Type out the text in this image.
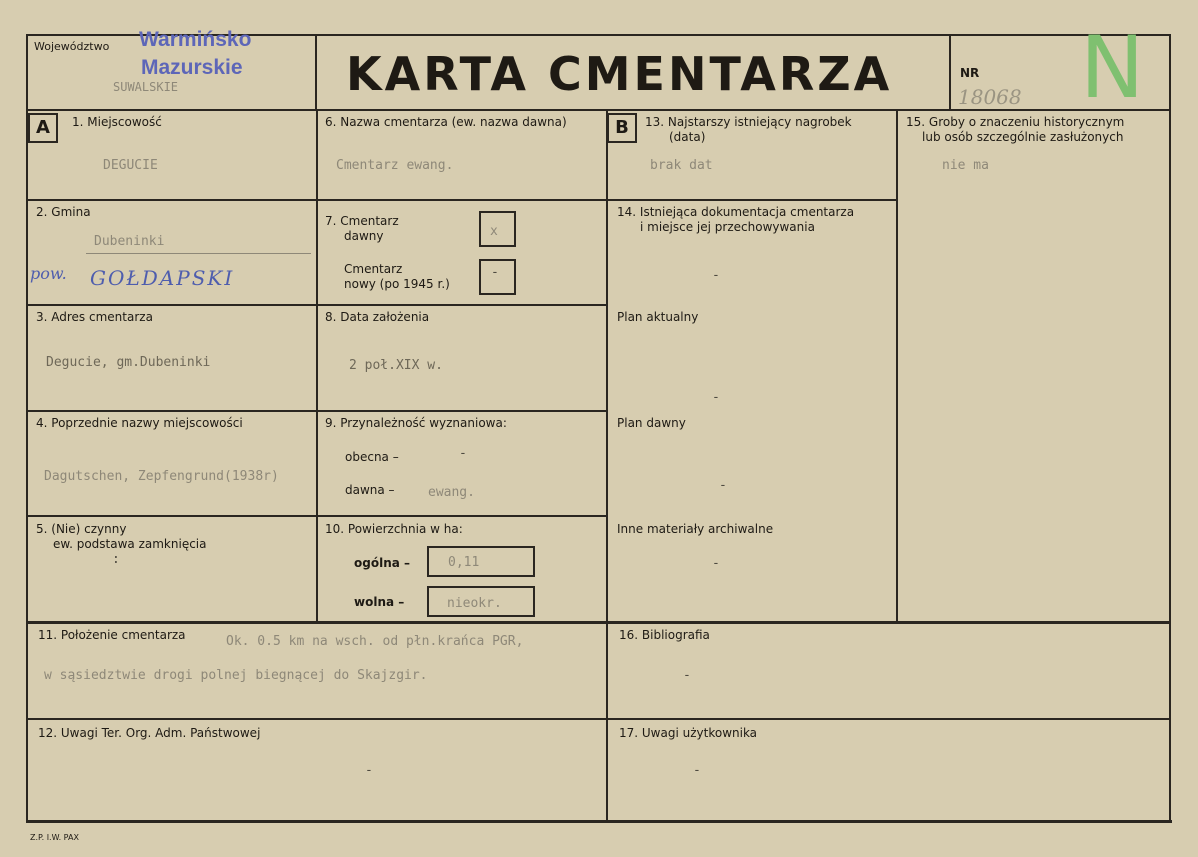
Województwo Warmińsko
Mazurskie
SUWALSKIE	KARTA CMENTARZA	NR
18068 N
A	B
1. Miejscowość
DEGUCIE
2. Gmina
Dubeninki
pow. GOŁDAPSKI
3. Adres cmentarza
Degucie, gm.Dubeninki
4. Poprzednie nazwy miejscowości
Dagutschen, Zepfengrund(1938r)
5. (Nie) czynny
ew. podstawa zamknięcia
:
6. Nazwa cmentarza (ew. nazwa dawna)
Cmentarz ewang.
7. Cmentarz
dawny	x
Cmentarz
nowy (po 1945 r.)
-
8. Data założenia
2 poł.XIX w.
9. Przynależność wyznaniowa:
obecna –	-
dawna –	ewang.
10. Powierzchnia w ha:
ogólna –	0,11
wolna –	nieokr.
11. Położenie cmentarza	Ok. 0.5 km na wsch. od płn.krańca PGR,
w sąsiedztwie drogi polnej biegnącej do Skajzgir.
12. Uwagi Ter. Org. Adm. Państwowej
-
13. Najstarszy istniejący nagrobek
(data)
brak dat
14. Istniejąca dokumentacja cmentarza
i miejsce jej przechowywania
-
Plan aktualny
-
Plan dawny
-
Inne materiały archiwalne
-
15. Groby o znaczeniu historycznym
lub osób szczególnie zasłużonych
nie ma
16. Bibliografia
-
17. Uwagi użytkownika
-
Z.P. I.W. PAX
